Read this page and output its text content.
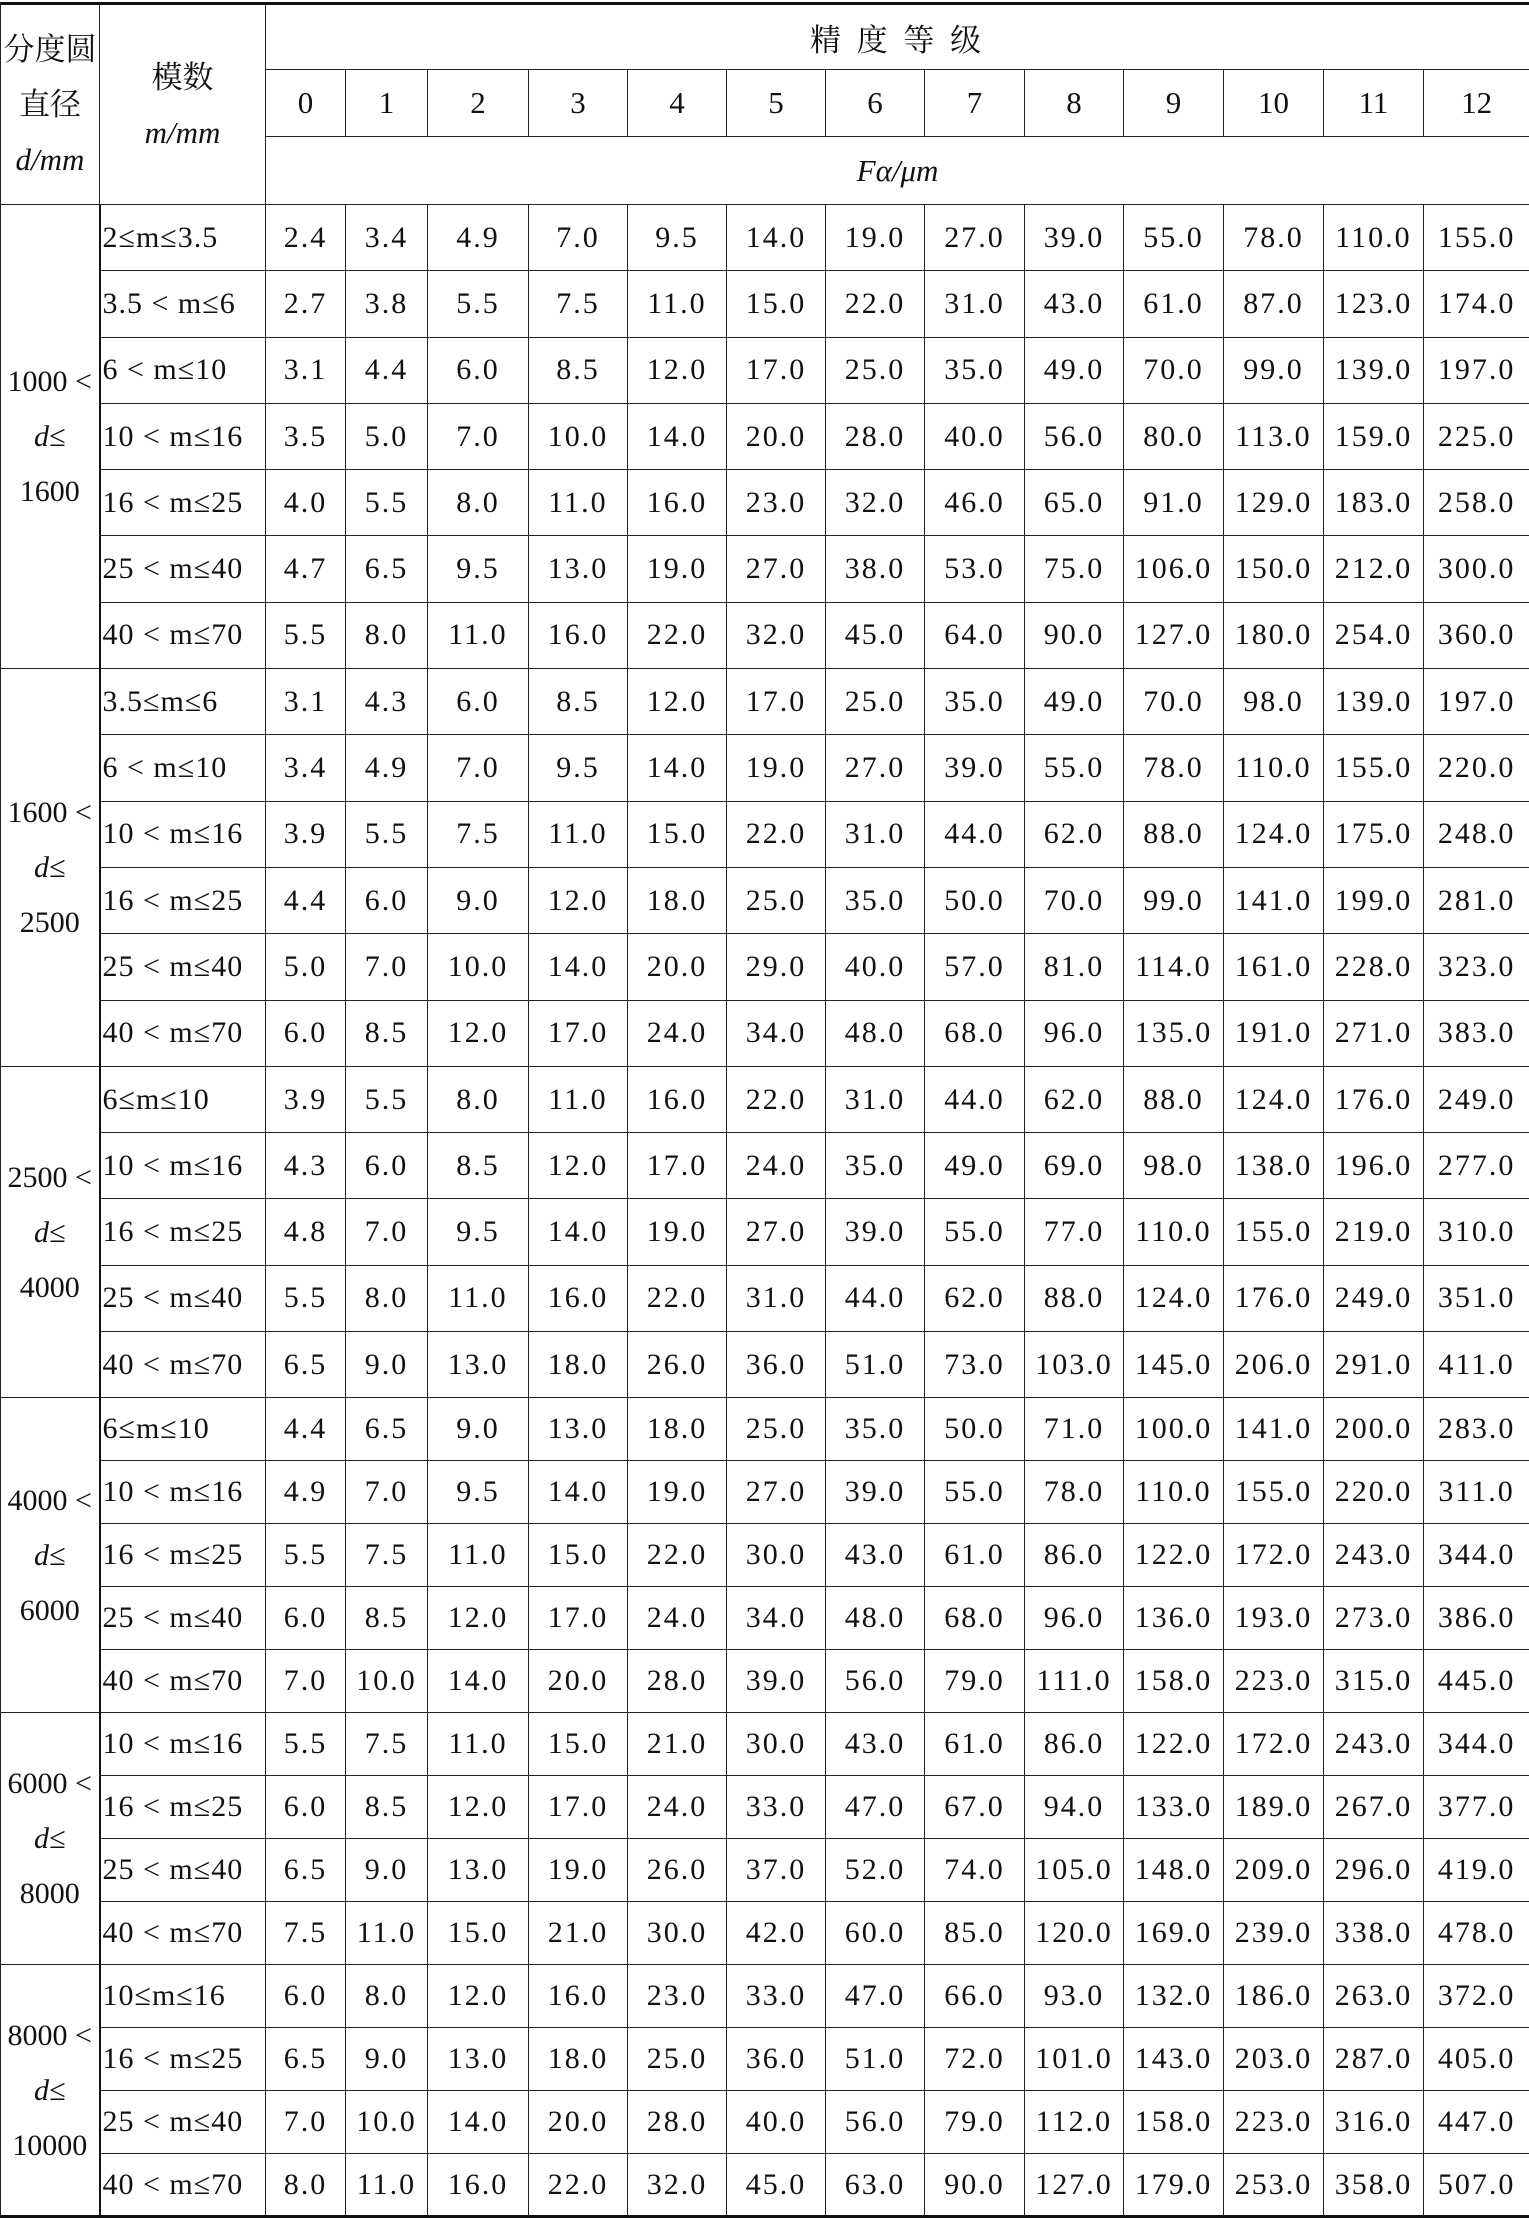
分度圆
直径
d/mm	模数
m/mm	精 度 等 级												
		0	1	2	3	4	5	6	7	8	9	10	11	12
		Fα/μm												

1000 <
d≤
1600	2≤m≤3.5	2.4	3.4	4.9	7.0	9.5	14.0	19.0	27.0	39.0	55.0	78.0	110.0	155.0
	3.5 < m≤6	2.7	3.8	5.5	7.5	11.0	15.0	22.0	31.0	43.0	61.0	87.0	123.0	174.0
	6 < m≤10	3.1	4.4	6.0	8.5	12.0	17.0	25.0	35.0	49.0	70.0	99.0	139.0	197.0
	10 < m≤16	3.5	5.0	7.0	10.0	14.0	20.0	28.0	40.0	56.0	80.0	113.0	159.0	225.0
	16 < m≤25	4.0	5.5	8.0	11.0	16.0	23.0	32.0	46.0	65.0	91.0	129.0	183.0	258.0
	25 < m≤40	4.7	6.5	9.5	13.0	19.0	27.0	38.0	53.0	75.0	106.0	150.0	212.0	300.0
	40 < m≤70	5.5	8.0	11.0	16.0	22.0	32.0	45.0	64.0	90.0	127.0	180.0	254.0	360.0

1600 <
d≤
2500	3.5≤m≤6	3.1	4.3	6.0	8.5	12.0	17.0	25.0	35.0	49.0	70.0	98.0	139.0	197.0
	6 < m≤10	3.4	4.9	7.0	9.5	14.0	19.0	27.0	39.0	55.0	78.0	110.0	155.0	220.0
	10 < m≤16	3.9	5.5	7.5	11.0	15.0	22.0	31.0	44.0	62.0	88.0	124.0	175.0	248.0
	16 < m≤25	4.4	6.0	9.0	12.0	18.0	25.0	35.0	50.0	70.0	99.0	141.0	199.0	281.0
	25 < m≤40	5.0	7.0	10.0	14.0	20.0	29.0	40.0	57.0	81.0	114.0	161.0	228.0	323.0
	40 < m≤70	6.0	8.5	12.0	17.0	24.0	34.0	48.0	68.0	96.0	135.0	191.0	271.0	383.0

2500 <
d≤
4000	6≤m≤10	3.9	5.5	8.0	11.0	16.0	22.0	31.0	44.0	62.0	88.0	124.0	176.0	249.0
	10 < m≤16	4.3	6.0	8.5	12.0	17.0	24.0	35.0	49.0	69.0	98.0	138.0	196.0	277.0
	16 < m≤25	4.8	7.0	9.5	14.0	19.0	27.0	39.0	55.0	77.0	110.0	155.0	219.0	310.0
	25 < m≤40	5.5	8.0	11.0	16.0	22.0	31.0	44.0	62.0	88.0	124.0	176.0	249.0	351.0
	40 < m≤70	6.5	9.0	13.0	18.0	26.0	36.0	51.0	73.0	103.0	145.0	206.0	291.0	411.0

4000 <
d≤
6000	6≤m≤10	4.4	6.5	9.0	13.0	18.0	25.0	35.0	50.0	71.0	100.0	141.0	200.0	283.0
	10 < m≤16	4.9	7.0	9.5	14.0	19.0	27.0	39.0	55.0	78.0	110.0	155.0	220.0	311.0
	16 < m≤25	5.5	7.5	11.0	15.0	22.0	30.0	43.0	61.0	86.0	122.0	172.0	243.0	344.0
	25 < m≤40	6.0	8.5	12.0	17.0	24.0	34.0	48.0	68.0	96.0	136.0	193.0	273.0	386.0
	40 < m≤70	7.0	10.0	14.0	20.0	28.0	39.0	56.0	79.0	111.0	158.0	223.0	315.0	445.0

6000 <
d≤
8000	10 < m≤16	5.5	7.5	11.0	15.0	21.0	30.0	43.0	61.0	86.0	122.0	172.0	243.0	344.0
	16 < m≤25	6.0	8.5	12.0	17.0	24.0	33.0	47.0	67.0	94.0	133.0	189.0	267.0	377.0
	25 < m≤40	6.5	9.0	13.0	19.0	26.0	37.0	52.0	74.0	105.0	148.0	209.0	296.0	419.0
	40 < m≤70	7.5	11.0	15.0	21.0	30.0	42.0	60.0	85.0	120.0	169.0	239.0	338.0	478.0

8000 <
d≤
10000	10≤m≤16	6.0	8.0	12.0	16.0	23.0	33.0	47.0	66.0	93.0	132.0	186.0	263.0	372.0
	16 < m≤25	6.5	9.0	13.0	18.0	25.0	36.0	51.0	72.0	101.0	143.0	203.0	287.0	405.0
	25 < m≤40	7.0	10.0	14.0	20.0	28.0	40.0	56.0	79.0	112.0	158.0	223.0	316.0	447.0
	40 < m≤70	8.0	11.0	16.0	22.0	32.0	45.0	63.0	90.0	127.0	179.0	253.0	358.0	507.0
